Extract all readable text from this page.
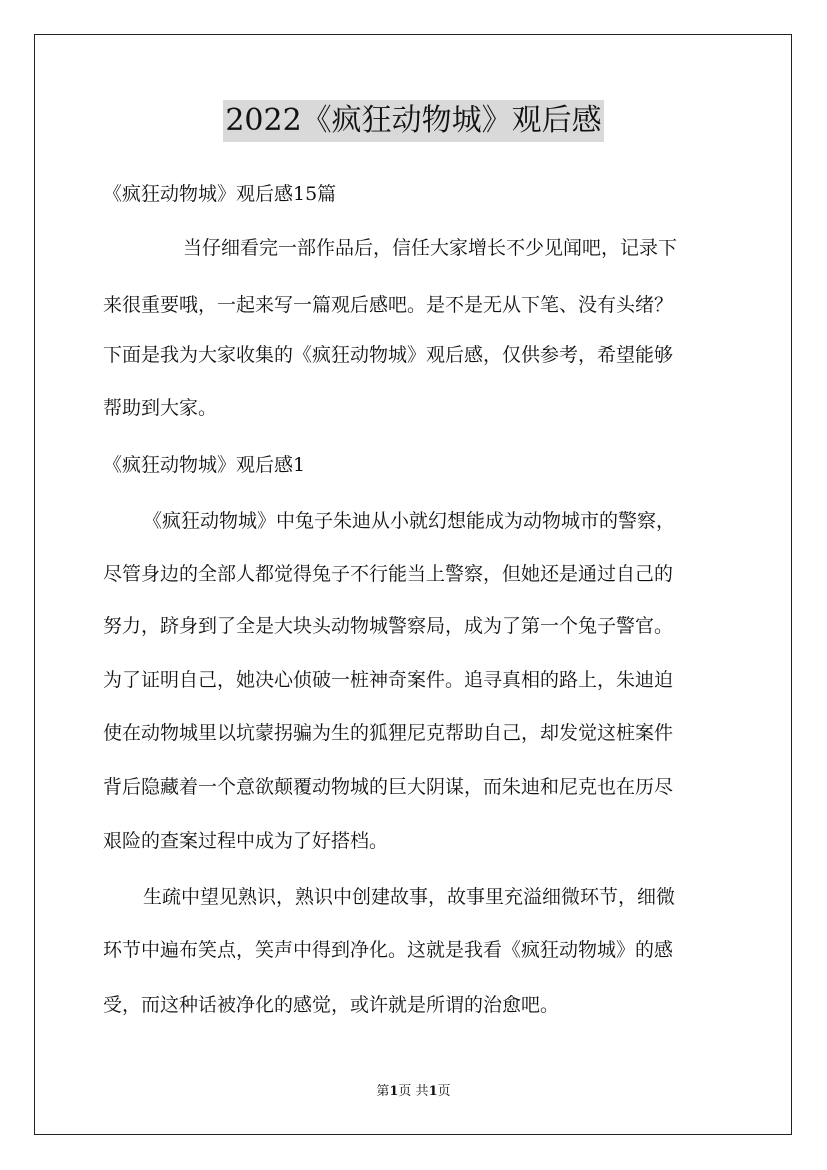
2022《疯狂动物城》观后感
《疯狂动物城》观后感15篇
当仔细看完一部作品后，信任大家增长不少见闻吧，记录下
来很重要哦，一起来写一篇观后感吧。是不是无从下笔、没有头绪？
下面是我为大家收集的《疯狂动物城》观后感，仅供参考，希望能够
帮助到大家。
《疯狂动物城》观后感1
《疯狂动物城》中兔子朱迪从小就幻想能成为动物城市的警察，
尽管身边的全部人都觉得兔子不行能当上警察，但她还是通过自己的
努力，跻身到了全是大块头动物城警察局，成为了第一个兔子警官。
为了证明自己，她决心侦破一桩神奇案件。追寻真相的路上，朱迪迫
使在动物城里以坑蒙拐骗为生的狐狸尼克帮助自己，却发觉这桩案件
背后隐藏着一个意欲颠覆动物城的巨大阴谋，而朱迪和尼克也在历尽
艰险的查案过程中成为了好搭档。
生疏中望见熟识，熟识中创建故事，故事里充溢细微环节，细微
环节中遍布笑点，笑声中得到净化。这就是我看《疯狂动物城》的感
受，而这种话被净化的感觉，或许就是所谓的治愈吧。
第1页 共1页
